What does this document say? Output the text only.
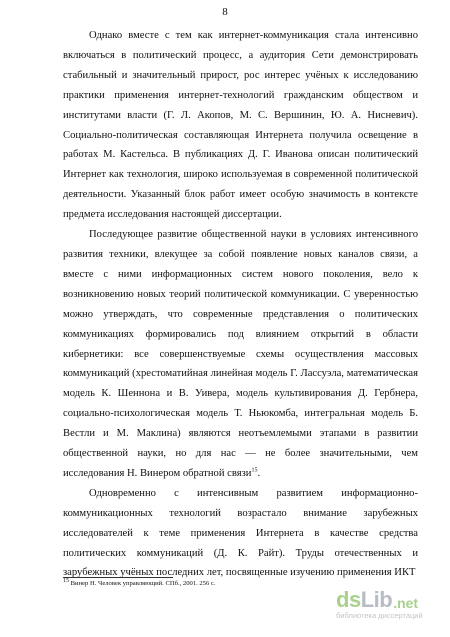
8

Однако вместе с тем как интернет-коммуникация стала интенсивно включаться в политический процесс, а аудитория Сети демонстрировать стабильный и значительный прирост, рос интерес учёных к исследованию практики применения интернет-технологий гражданским обществом и институтами власти (Г. Л. Акопов, М. С. Вершинин, Ю. А. Нисневич). Социально-политическая составляющая Интернета получила освещение в работах М. Кастельса. В публикациях Д. Г. Иванова описан политический Интернет как технология, широко используемая в современной политической деятельности. Указанный блок работ имеет особую значимость в контексте предмета исследования настоящей диссертации.

Последующее развитие общественной науки в условиях интенсивного развития техники, влекущее за собой появление новых каналов связи, а вместе с ними информационных систем нового поколения, вело к возникновению новых теорий политической коммуникации. С уверенностью можно утверждать, что современные представления о политических коммуникациях формировались под влиянием открытий в области кибернетики: все совершенствуемые схемы осуществления массовых коммуникаций (хрестоматийная линейная модель Г. Лассуэла, математическая модель К. Шеннона и В. Уивера, модель культивирования Д. Гербнера, социально-психологическая модель Т. Ньюкомба, интегральная модель Б. Вестли и М. Маклина) являются неотъемлемыми этапами в развитии общественной науки, но для нас — не более значительными, чем исследования Н. Винером обратной связи$^{15}$.

Одновременно с интенсивным развитием информационно-коммуникационных технологий возрастало внимание зарубежных исследователей к теме применения Интернета в качестве средства политических коммуникаций (Д. К. Райт). Труды отечественных и зарубежных учёных последних лет, посвященные изучению применения ИКТ

$^{15}$ Винер Н. Человек управляющий. СПб., 2001. 256 с.
ds Lib .net
библиотека диссертаций
